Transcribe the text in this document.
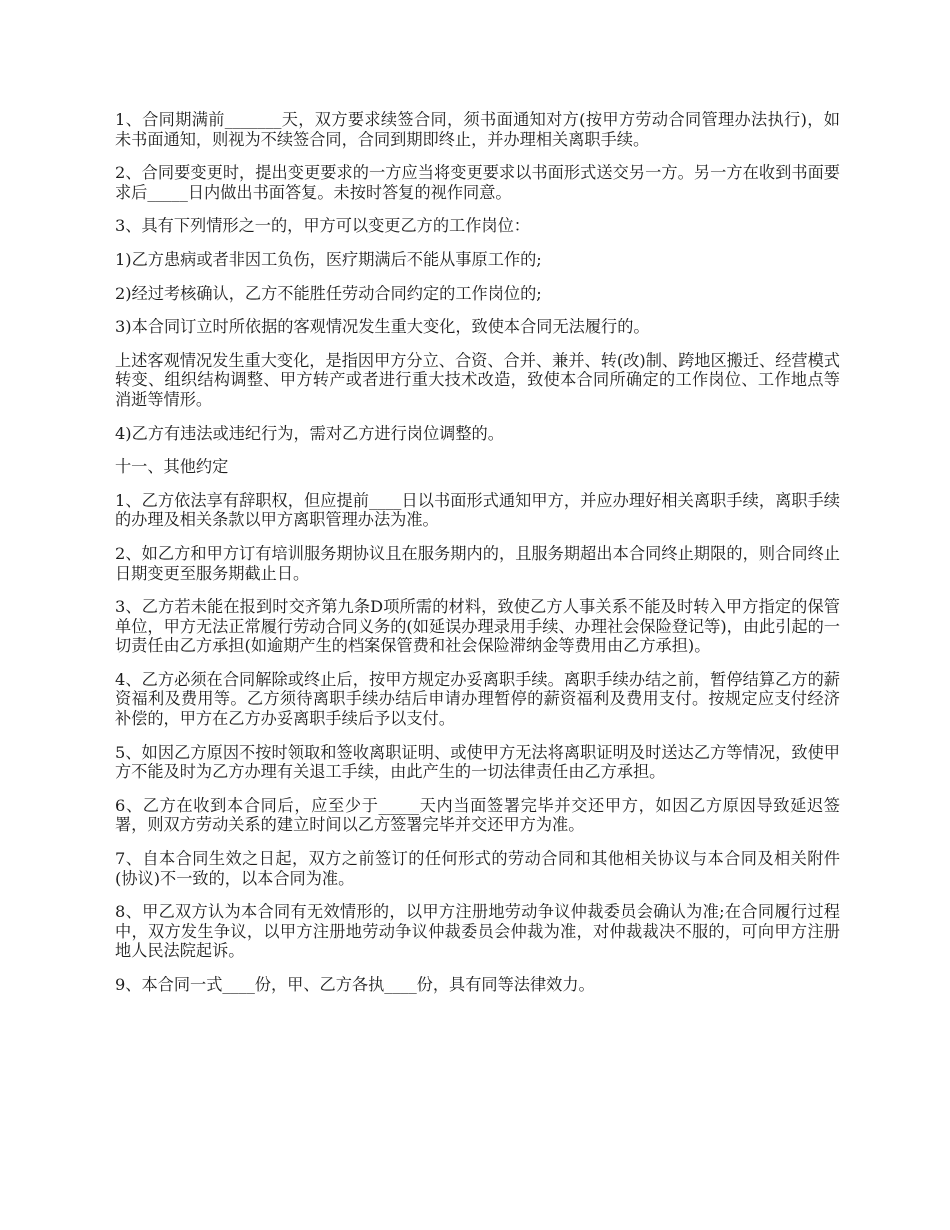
1、合同期满前_______天，双方要求续签合同，须书面通知对方(按甲方劳动合同管理办法执行)，如未书面通知，则视为不续签合同，合同到期即终止，并办理相关离职手续。

2、合同要变更时，提出变更要求的一方应当将变更要求以书面形式送交另一方。另一方在收到书面要求后_____日内做出书面答复。未按时答复的视作同意。

3、具有下列情形之一的，甲方可以变更乙方的工作岗位：

1)乙方患病或者非因工负伤，医疗期满后不能从事原工作的;

2)经过考核确认，乙方不能胜任劳动合同约定的工作岗位的;

3)本合同订立时所依据的客观情况发生重大变化，致使本合同无法履行的。

上述客观情况发生重大变化，是指因甲方分立、合资、合并、兼并、转(改)制、跨地区搬迁、经营模式转变、组织结构调整、甲方转产或者进行重大技术改造，致使本合同所确定的工作岗位、工作地点等消逝等情形。

4)乙方有违法或违纪行为，需对乙方进行岗位调整的。

十一、其他约定

1、乙方依法享有辞职权，但应提前____日以书面形式通知甲方，并应办理好相关离职手续，离职手续的办理及相关条款以甲方离职管理办法为准。

2、如乙方和甲方订有培训服务期协议且在服务期内的，且服务期超出本合同终止期限的，则合同终止日期变更至服务期截止日。

3、乙方若未能在报到时交齐第九条D项所需的材料，致使乙方人事关系不能及时转入甲方指定的保管单位，甲方无法正常履行劳动合同义务的(如延误办理录用手续、办理社会保险登记等)，由此引起的一切责任由乙方承担(如逾期产生的档案保管费和社会保险滞纳金等费用由乙方承担)。

4、乙方必须在合同解除或终止后，按甲方规定办妥离职手续。离职手续办结之前，暂停结算乙方的薪资福利及费用等。乙方须待离职手续办结后申请办理暂停的薪资福利及费用支付。按规定应支付经济补偿的，甲方在乙方办妥离职手续后予以支付。

5、如因乙方原因不按时领取和签收离职证明、或使甲方无法将离职证明及时送达乙方等情况，致使甲方不能及时为乙方办理有关退工手续，由此产生的一切法律责任由乙方承担。

6、乙方在收到本合同后，应至少于_____天内当面签署完毕并交还甲方，如因乙方原因导致延迟签署，则双方劳动关系的建立时间以乙方签署完毕并交还甲方为准。

7、自本合同生效之日起，双方之前签订的任何形式的劳动合同和其他相关协议与本合同及相关附件(协议)不一致的，以本合同为准。

8、甲乙双方认为本合同有无效情形的，以甲方注册地劳动争议仲裁委员会确认为准;在合同履行过程中，双方发生争议，以甲方注册地劳动争议仲裁委员会仲裁为准，对仲裁裁决不服的，可向甲方注册地人民法院起诉。

9、本合同一式____份，甲、乙方各执____份，具有同等法律效力。
